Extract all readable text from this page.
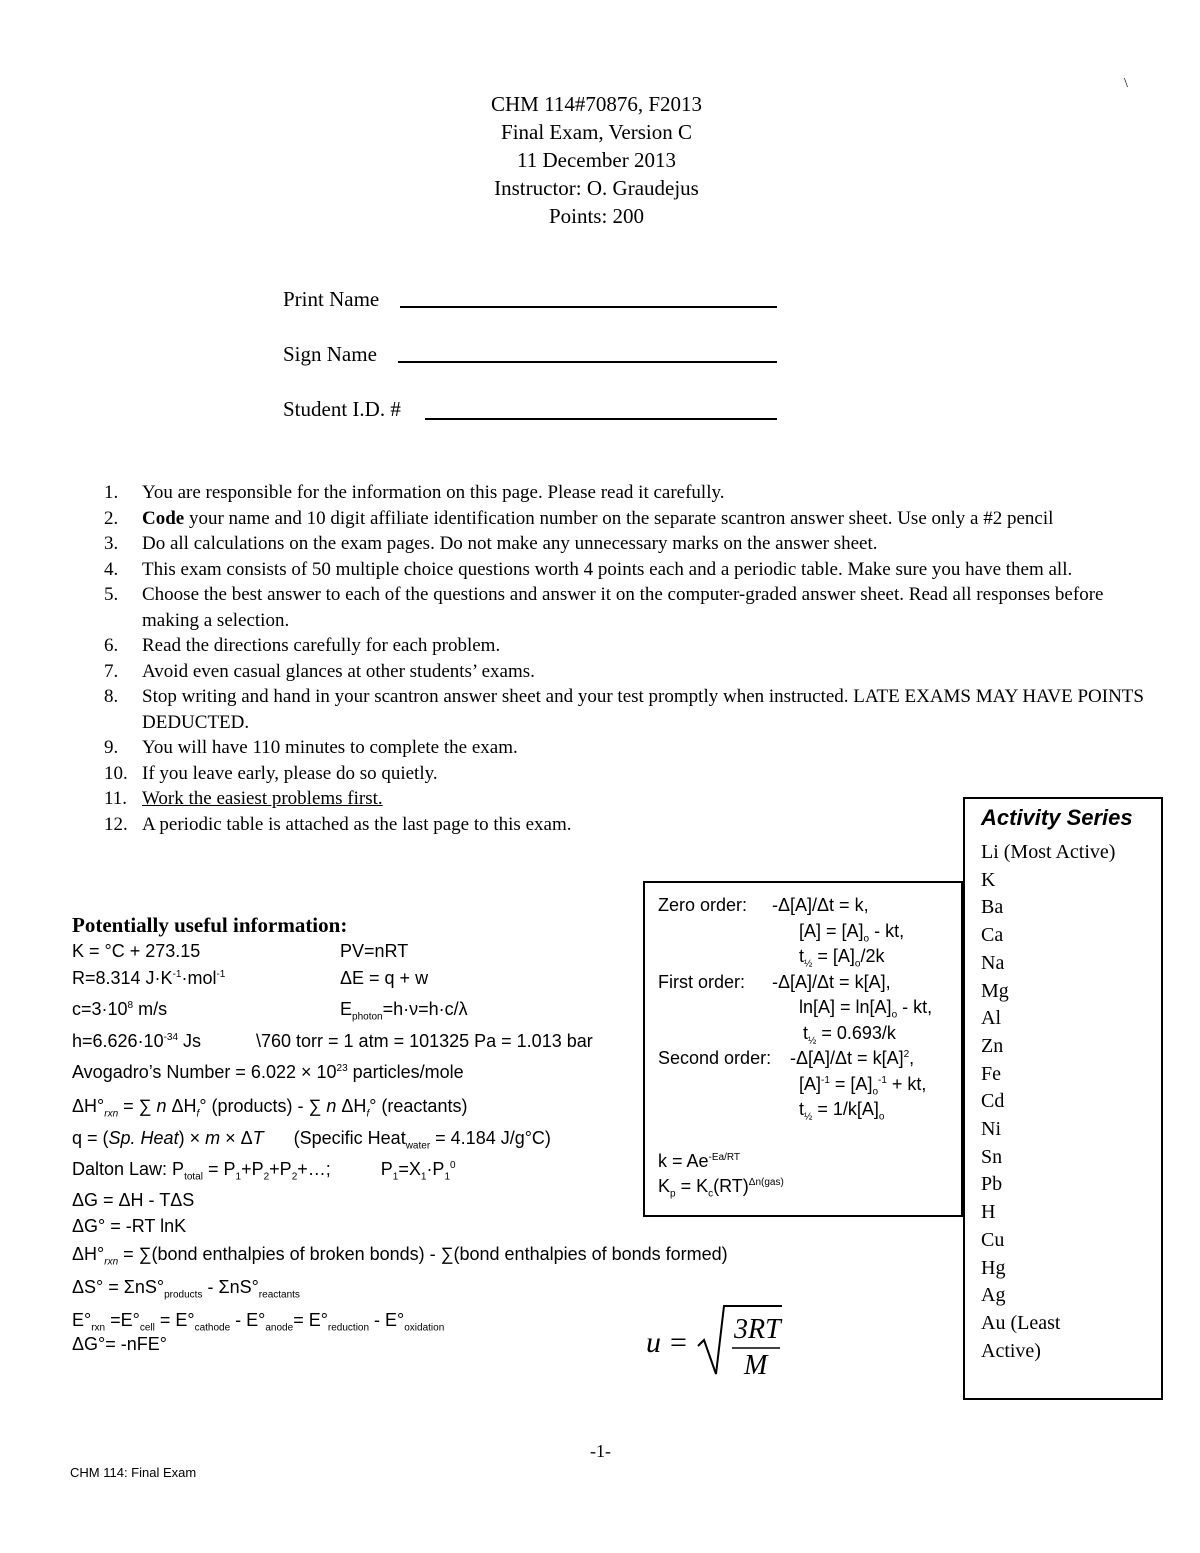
\
CHM 114#70876, F2013
Final Exam, Version C
11 December 2013
Instructor: O. Graudejus
Points: 200
Print Name
Sign Name
Student I.D. #
1.	You are responsible for the information on this page. Please read it carefully.
2.	Code your name and 10 digit affiliate identification number on the separate scantron answer sheet. Use only a #2 pencil
3.	Do all calculations on the exam pages. Do not make any unnecessary marks on the answer sheet.
4.	This exam consists of 50 multiple choice questions worth 4 points each and a periodic table. Make sure you have them all.
5.	Choose the best answer to each of the questions and answer it on the computer-graded answer sheet. Read all responses before making a selection.
6.	Read the directions carefully for each problem.
7.	Avoid even casual glances at other students’ exams.
8.	Stop writing and hand in your scantron answer sheet and your test promptly when instructed. LATE EXAMS MAY HAVE POINTS DEDUCTED.
9.	You will have 110 minutes to complete the exam.
10. If you leave early, please do so quietly.
11. Work the easiest problems first.
12. A periodic table is attached as the last page to this exam.
Potentially useful information:
K = °C + 273.15	PV=nRT
R=8.314 $J\cdot K^{-1}\cdot mol^{-1}$	ΔE = q + w
$c=3\cdot 10^8$ m/s	$E_{photon}=h\cdot\nu=h\cdot c/\lambda$
$h=6.626\cdot 10^{-34}$ Js	\760 torr = 1 atm = 101325 Pa = 1.013 bar
Avogadro’s Number = $6.022 \times 10^{23}$ particles/mole
$\Delta H^\circ_{rxn}$ = ∑ n $\Delta H_f^\circ$ (products) - ∑ n $\Delta H_f^\circ$ (reactants)
q = (Sp. Heat) × m × ΔT      (Specific Heat$_{water}$ = 4.184 J/g°C)
Dalton Law: $P_{total}$ = $P_1+P_2+P_2+\dots$;          $P_1=X_1\cdot P_1^0$
ΔG = ΔH - TΔS
ΔG° = -RT lnK
$\Delta H^\circ_{rxn}$ = ∑(bond enthalpies of broken bonds) - ∑(bond enthalpies of bonds formed)
$\Delta S^\circ = \Sigma nS^\circ_{products} - \Sigma nS^\circ_{reactants}$
$E^\circ_{rxn} =E^\circ_{cell} = E^\circ_{cathode} - E^\circ_{anode}= E^\circ_{reduction} - E^\circ_{oxidation}$
ΔG°= -nFE°	u = 3RT
M
Zero order: -Δ[A]/Δt = k,
$[A] = [A]_o$ - kt,
$t_{\frac{1}{2}} = [A]_o/2k$
First order: -Δ[A]/Δt = k[A],
$\ln[A] = \ln[A]_o$ - kt,
$t_{\frac{1}{2}} = 0.693/k$
Second order: $-\Delta[A]/\Delta t = k[A]^2$,
$[A]^{-1} = [A]_o^{-1}$ + kt,
$t_{\frac{1}{2}} = 1/k[A]_o$
$k = Ae^{-Ea/RT}$
$K_p = K_c(RT)^{\Delta n(gas)}$
Activity Series
Li (Most Active)
K
Ba
Ca
Na
Mg
Al
Zn
Fe
Cd
Ni
Sn
Pb
H
Cu
Hg
Ag
Au (Least
Active)
-1-
CHM 114: Final Exam
